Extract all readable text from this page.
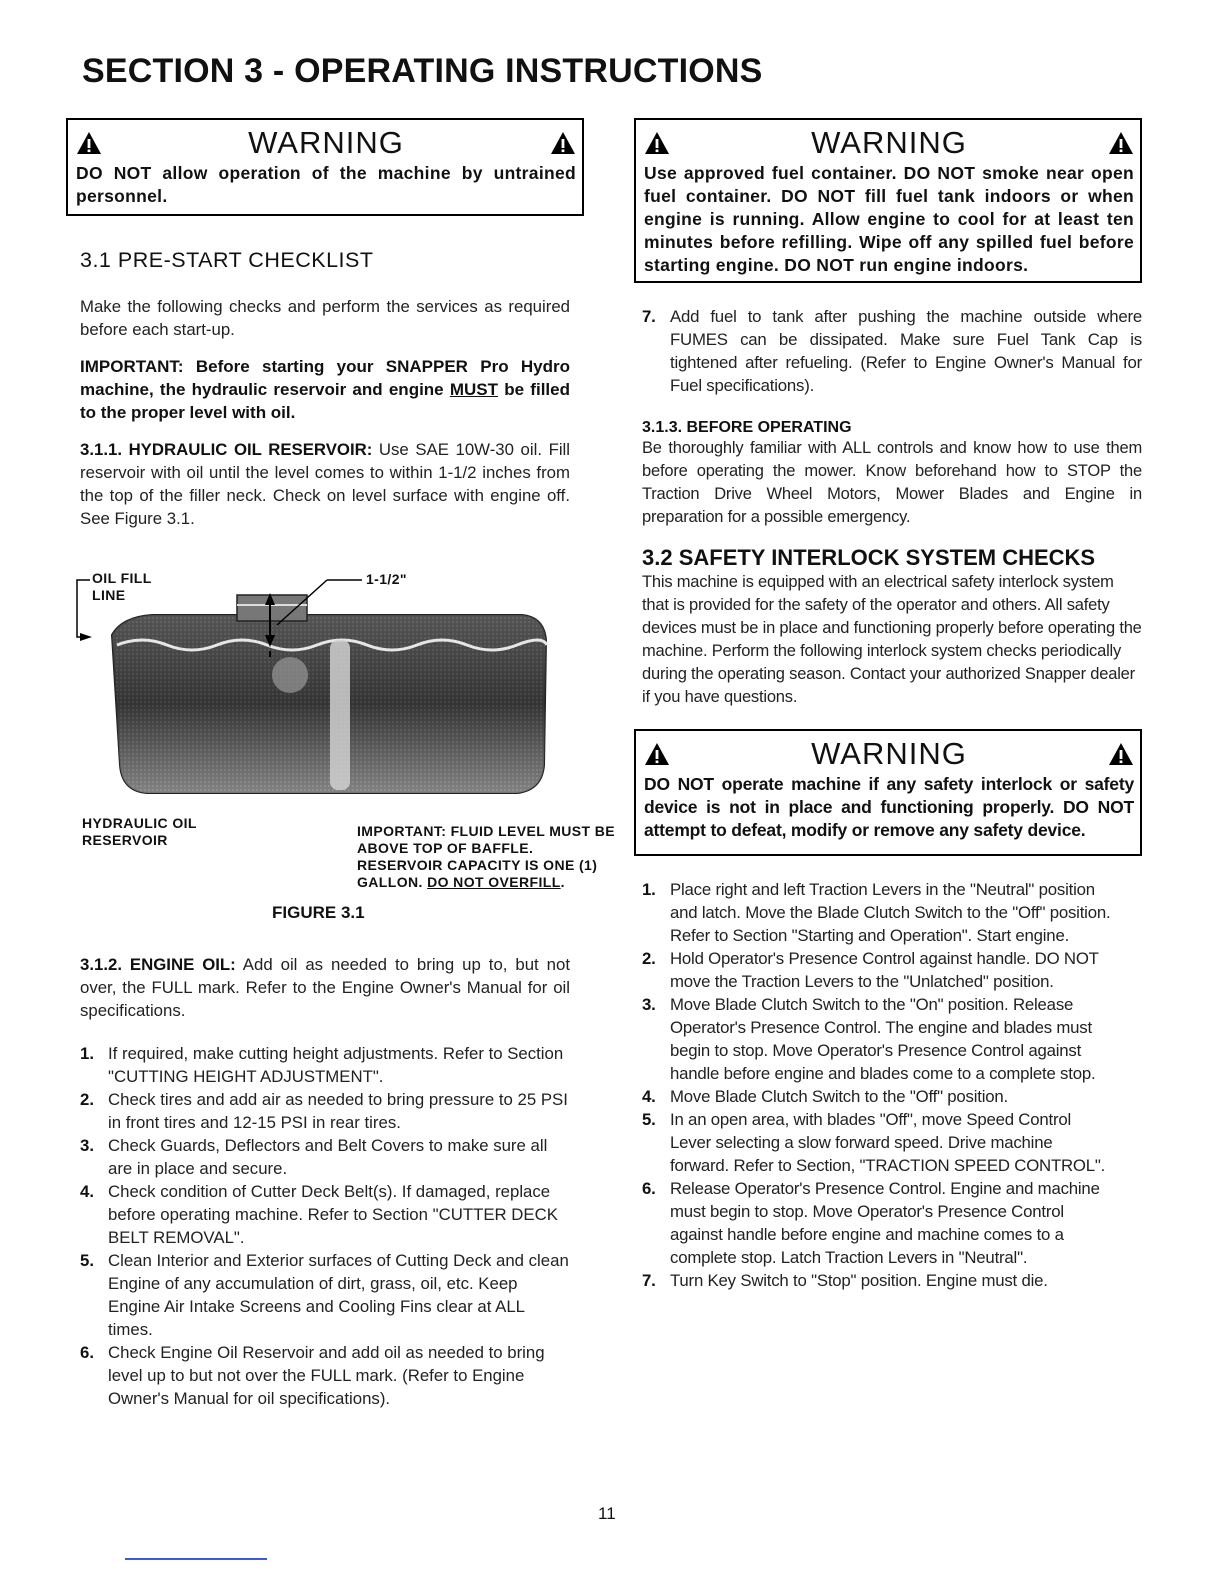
SECTION 3 - OPERATING INSTRUCTIONS
WARNING
DO NOT allow operation of the machine by untrained personnel.
3.1 PRE-START CHECKLIST
Make the following checks and perform the services as required before each start-up.
IMPORTANT: Before starting your SNAPPER Pro Hydro machine, the hydraulic reservoir and engine MUST be filled to the proper level with oil.
3.1.1. HYDRAULIC OIL RESERVOIR: Use SAE 10W-30 oil. Fill reservoir with oil until the level comes to within 1-1/2 inches from the top of the filler neck. Check on level surface with engine off. See Figure 3.1.
OIL FILL
LINE
1-1/2"
HYDRAULIC OIL
RESERVOIR
IMPORTANT: FLUID LEVEL MUST BE ABOVE TOP OF BAFFLE. RESERVOIR CAPACITY IS ONE (1) GALLON. DO NOT OVERFILL.
FIGURE 3.1
3.1.2. ENGINE OIL: Add oil as needed to bring up to, but not over, the FULL mark. Refer to the Engine Owner's Manual for oil specifications.
1. If required, make cutting height adjustments. Refer to Section "CUTTING HEIGHT ADJUSTMENT".
2. Check tires and add air as needed to bring pressure to 25 PSI in front tires and 12-15 PSI in rear tires.
3. Check Guards, Deflectors and Belt Covers to make sure all are in place and secure.
4. Check condition of Cutter Deck Belt(s). If damaged, replace before operating machine. Refer to Section "CUTTER DECK BELT REMOVAL".
5. Clean Interior and Exterior surfaces of Cutting Deck and clean Engine of any accumulation of dirt, grass, oil, etc. Keep Engine Air Intake Screens and Cooling Fins clear at ALL times.
6. Check Engine Oil Reservoir and add oil as needed to bring level up to but not over the FULL mark. (Refer to Engine Owner's Manual for oil specifications).
WARNING
Use approved fuel container. DO NOT smoke near open fuel container. DO NOT fill fuel tank indoors or when engine is running. Allow engine to cool for at least ten minutes before refilling. Wipe off any spilled fuel before starting engine. DO NOT run engine indoors.
7. Add fuel to tank after pushing the machine outside where FUMES can be dissipated. Make sure Fuel Tank Cap is tightened after refueling. (Refer to Engine Owner's Manual for Fuel specifications).
3.1.3. BEFORE OPERATING
Be thoroughly familiar with ALL controls and know how to use them before operating the mower. Know beforehand how to STOP the Traction Drive Wheel Motors, Mower Blades and Engine in preparation for a possible emergency.
3.2 SAFETY INTERLOCK SYSTEM CHECKS
This machine is equipped with an electrical safety interlock system that is provided for the safety of the operator and others. All safety devices must be in place and functioning properly before operating the machine. Perform the following interlock system checks periodically during the operating season. Contact your authorized Snapper dealer if you have questions.
WARNING
DO NOT operate machine if any safety interlock or safety device is not in place and functioning properly. DO NOT attempt to defeat, modify or remove any safety device.
1. Place right and left Traction Levers in the "Neutral" position and latch. Move the Blade Clutch Switch to the "Off" position. Refer to Section "Starting and Operation". Start engine.
2. Hold Operator's Presence Control against handle. DO NOT move the Traction Levers to the "Unlatched" position.
3. Move Blade Clutch Switch to the "On" position. Release Operator's Presence Control. The engine and blades must begin to stop. Move Operator's Presence Control against handle before engine and blades come to a complete stop.
4. Move Blade Clutch Switch to the "Off" position.
5. In an open area, with blades "Off", move Speed Control Lever selecting a slow forward speed. Drive machine forward. Refer to Section, "TRACTION SPEED CONTROL".
6. Release Operator's Presence Control. Engine and machine must begin to stop. Move Operator's Presence Control against handle before engine and machine comes to a complete stop. Latch Traction Levers in "Neutral".
7. Turn Key Switch to "Stop" position. Engine must die.
11
